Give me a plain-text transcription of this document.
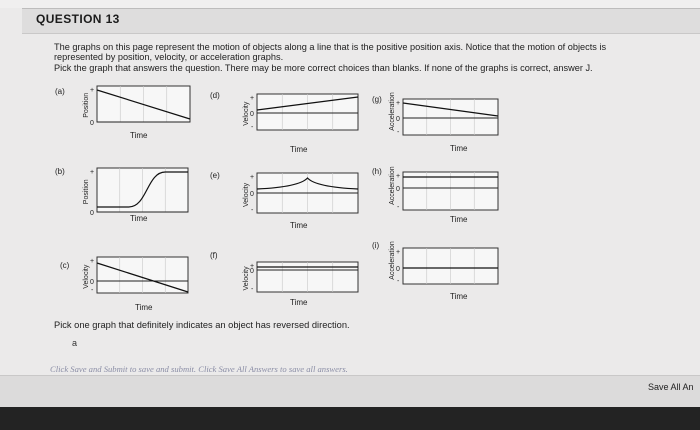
QUESTION 13
The graphs on this page represent the motion of objects along a line that is the positive position axis. Notice that the motion of objects is
represented by position, velocity, or acceleration graphs.
Pick the graph that answers the question. There may be more correct choices than blanks. If none of the graphs is correct, answer J.
(a)
Position
+
0
Time
(b)
Position
+
0
Time
(c) Velocity
+
0
-
Time
(d)
Velocity
+
0
-
Time
(e)
Velocity
+
0
-
Time
(f)
Velocity +
0
-
Time
(g) Acceleration +
0
-
Time
(h) Acceleration +
0
-
Time
(i) Acceleration +
0
-
Time
Pick one graph that definitely indicates an object has reversed direction.
a
Click Save and Submit to save and submit. Click Save All Answers to save all answers.
Save All An
